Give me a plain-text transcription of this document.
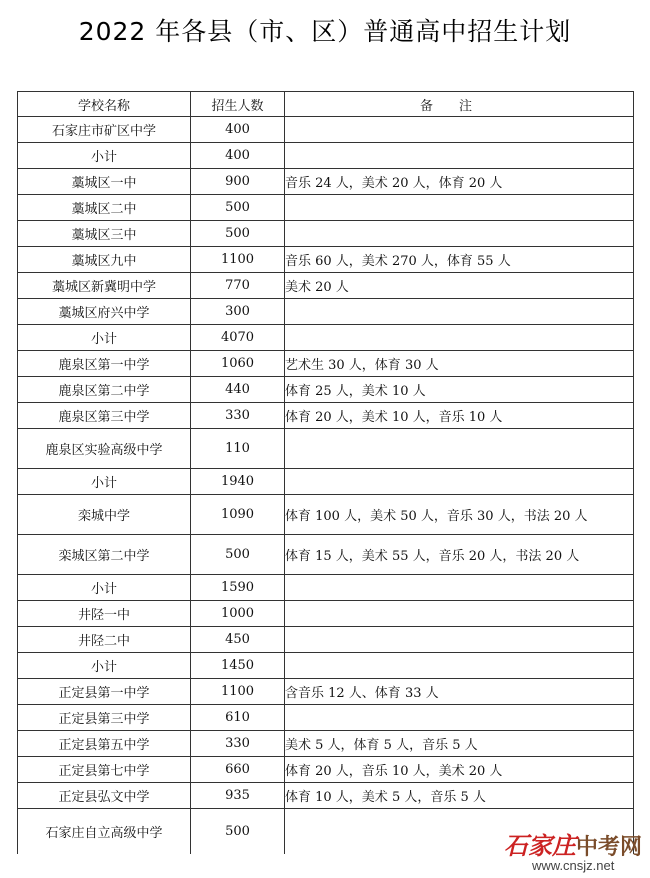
2022 年各县（市、区）普通高中招生计划
学校名称	招生人数	备注
石家庄市矿区中学	400	
小计	400	
藁城区一中	900	音乐 24 人，美术 20 人，体育 20 人
藁城区二中	500	
藁城区三中	500	
藁城区九中	1100	音乐 60 人，美术 270 人，体育 55 人
藁城区新冀明中学	770	美术 20 人
藁城区府兴中学	300	
小计	4070	
鹿泉区第一中学	1060	艺术生 30 人，体育 30 人
鹿泉区第二中学	440	体育 25 人，美术 10 人
鹿泉区第三中学	330	体育 20 人，美术 10 人，音乐 10 人
鹿泉区实验高级中学	110	
小计	1940	
栾城中学	1090	体育 100 人，美术 50 人，音乐 30 人，书法 20 人
栾城区第二中学	500	体育 15 人，美术 55 人，音乐 20 人，书法 20 人
小计	1590	
井陉一中	1000	
井陉二中	450	
小计	1450	
正定县第一中学	1100	含音乐 12 人、体育 33 人
正定县第三中学	610	
正定县第五中学	330	美术 5 人，体育 5 人，音乐 5 人
正定县第七中学	660	体育 20 人，音乐 10 人，美术 20 人
正定县弘文中学	935	体育 10 人，美术 5 人，音乐 5 人
石家庄自立高级中学	500		石家庄中考网
www.cnsjz.net
